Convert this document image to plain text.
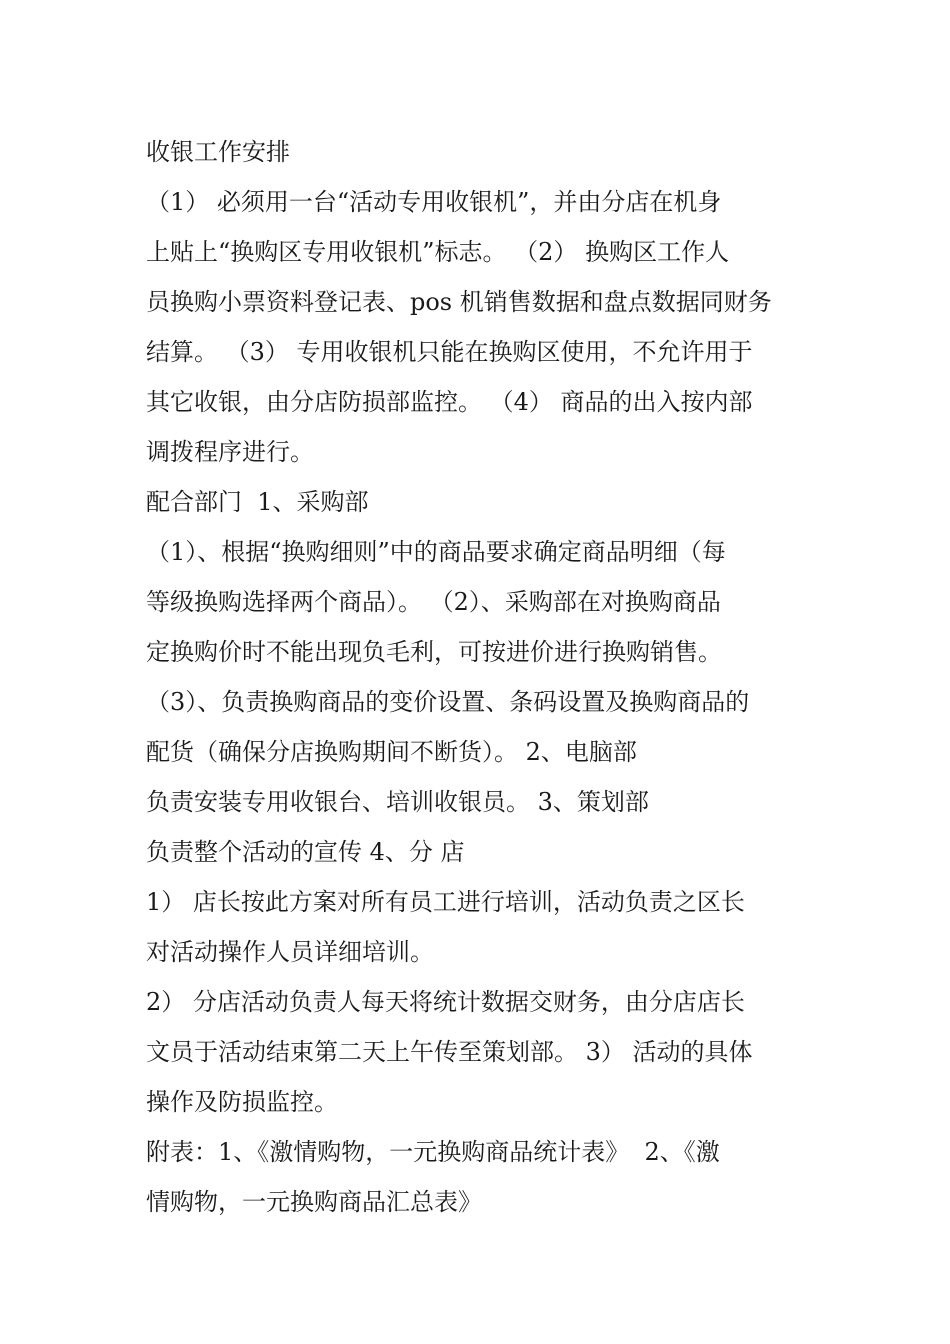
收银工作安排
（1） 必须用一台“活动专用收银机”，并由分店在机身
上贴上“换购区专用收银机”标志。 （2） 换购区工作人
员换购小票资料登记表、pos 机销售数据和盘点数据同财务
结算。 （3） 专用收银机只能在换购区使用，不允许用于
其它收银，由分店防损部监控。 （4） 商品的出入按内部
调拨程序进行。
配合部门  1、采购部
（1）、根据“换购细则”中的商品要求确定商品明细（每
等级换购选择两个商品）。 （2）、采购部在对换购商品
定换购价时不能出现负毛利，可按进价进行换购销售。
（3）、负责换购商品的变价设置、条码设置及换购商品的
配货（确保分店换购期间不断货）。 2、电脑部
负责安装专用收银台、培训收银员。 3、策划部
负责整个活动的宣传 4、分 店
1） 店长按此方案对所有员工进行培训，活动负责之区长
对活动操作人员详细培训。
2） 分店活动负责人每天将统计数据交财务，由分店店长
文员于活动结束第二天上午传至策划部。 3） 活动的具体
操作及防损监控。
附表：1、《激情购物，一元换购商品统计表》  2、《激
情购物，一元换购商品汇总表》
